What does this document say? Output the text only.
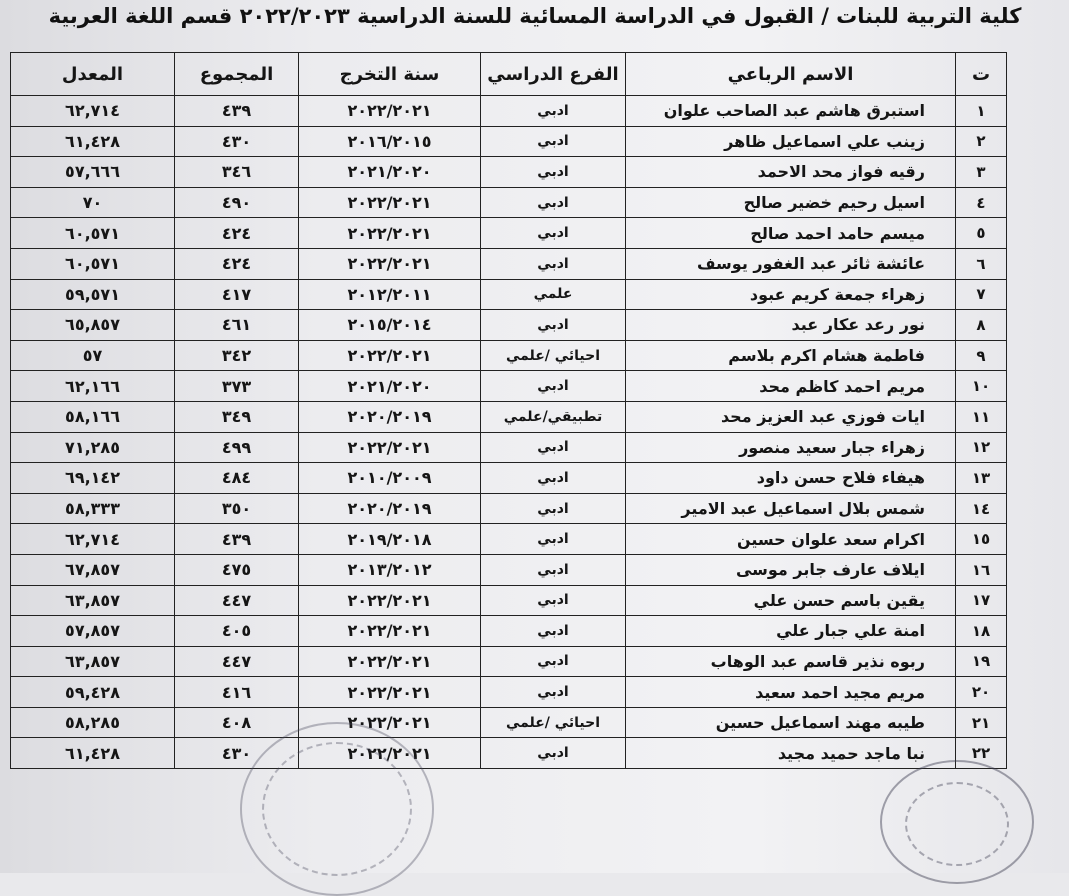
كلية التربية للبنات / القبول في الدراسة المسائية للسنة الدراسية ٢٠٢٢/٢٠٢٣ قسم اللغة العربية
ت	الاسم الرباعي	الفرع الدراسي	سنة التخرج	المجموع	المعدل
١	استبرق هاشم عبد الصاحب علوان	ادبي	٢٠٢٢/٢٠٢١	٤٣٩	٦٢,٧١٤
٢	زينب علي اسماعيل ظاهر	ادبي	٢٠١٦/٢٠١٥	٤٣٠	٦١,٤٢٨
٣	رقيه فواز محد الاحمد	ادبي	٢٠٢١/٢٠٢٠	٣٤٦	٥٧,٦٦٦
٤	اسيل رحيم خضير صالح	ادبي	٢٠٢٢/٢٠٢١	٤٩٠	٧٠
٥	ميسم حامد احمد صالح	ادبي	٢٠٢٢/٢٠٢١	٤٢٤	٦٠,٥٧١
٦	عائشة ثائر عبد الغفور يوسف	ادبي	٢٠٢٢/٢٠٢١	٤٢٤	٦٠,٥٧١
٧	زهراء جمعة كريم عبود	علمي	٢٠١٢/٢٠١١	٤١٧	٥٩,٥٧١
٨	نور رعد عكار عبد	ادبي	٢٠١٥/٢٠١٤	٤٦١	٦٥,٨٥٧
٩	فاطمة هشام اكرم بلاسم	احيائي /علمي	٢٠٢٢/٢٠٢١	٣٤٢	٥٧
١٠	مريم احمد كاظم محد	ادبي	٢٠٢١/٢٠٢٠	٣٧٣	٦٢,١٦٦
١١	ايات فوزي عبد العزيز محد	تطبيقي/علمي	٢٠٢٠/٢٠١٩	٣٤٩	٥٨,١٦٦
١٢	زهراء جبار سعيد منصور	ادبي	٢٠٢٢/٢٠٢١	٤٩٩	٧١,٢٨٥
١٣	هيفاء فلاح حسن داود	ادبي	٢٠١٠/٢٠٠٩	٤٨٤	٦٩,١٤٢
١٤	شمس بلال اسماعيل عبد الامير	ادبي	٢٠٢٠/٢٠١٩	٣٥٠	٥٨,٣٣٣
١٥	اكرام سعد علوان حسين	ادبي	٢٠١٩/٢٠١٨	٤٣٩	٦٢,٧١٤
١٦	ايلاف عارف جابر موسى	ادبي	٢٠١٣/٢٠١٢	٤٧٥	٦٧,٨٥٧
١٧	يقين باسم حسن علي	ادبي	٢٠٢٢/٢٠٢١	٤٤٧	٦٣,٨٥٧
١٨	امنة علي جبار علي	ادبي	٢٠٢٢/٢٠٢١	٤٠٥	٥٧,٨٥٧
١٩	ربوه نذير قاسم عبد الوهاب	ادبي	٢٠٢٢/٢٠٢١	٤٤٧	٦٣,٨٥٧
٢٠	مريم مجيد احمد سعيد	ادبي	٢٠٢٢/٢٠٢١	٤١٦	٥٩,٤٢٨
٢١	طيبه مهند اسماعيل حسين	احيائي /علمي	٢٠٢٢/٢٠٢١	٤٠٨	٥٨,٢٨٥
٢٢	نبا ماجد حميد مجيد	ادبي	٢٠٢٢/٢٠٢١	٤٣٠	٦١,٤٢٨
